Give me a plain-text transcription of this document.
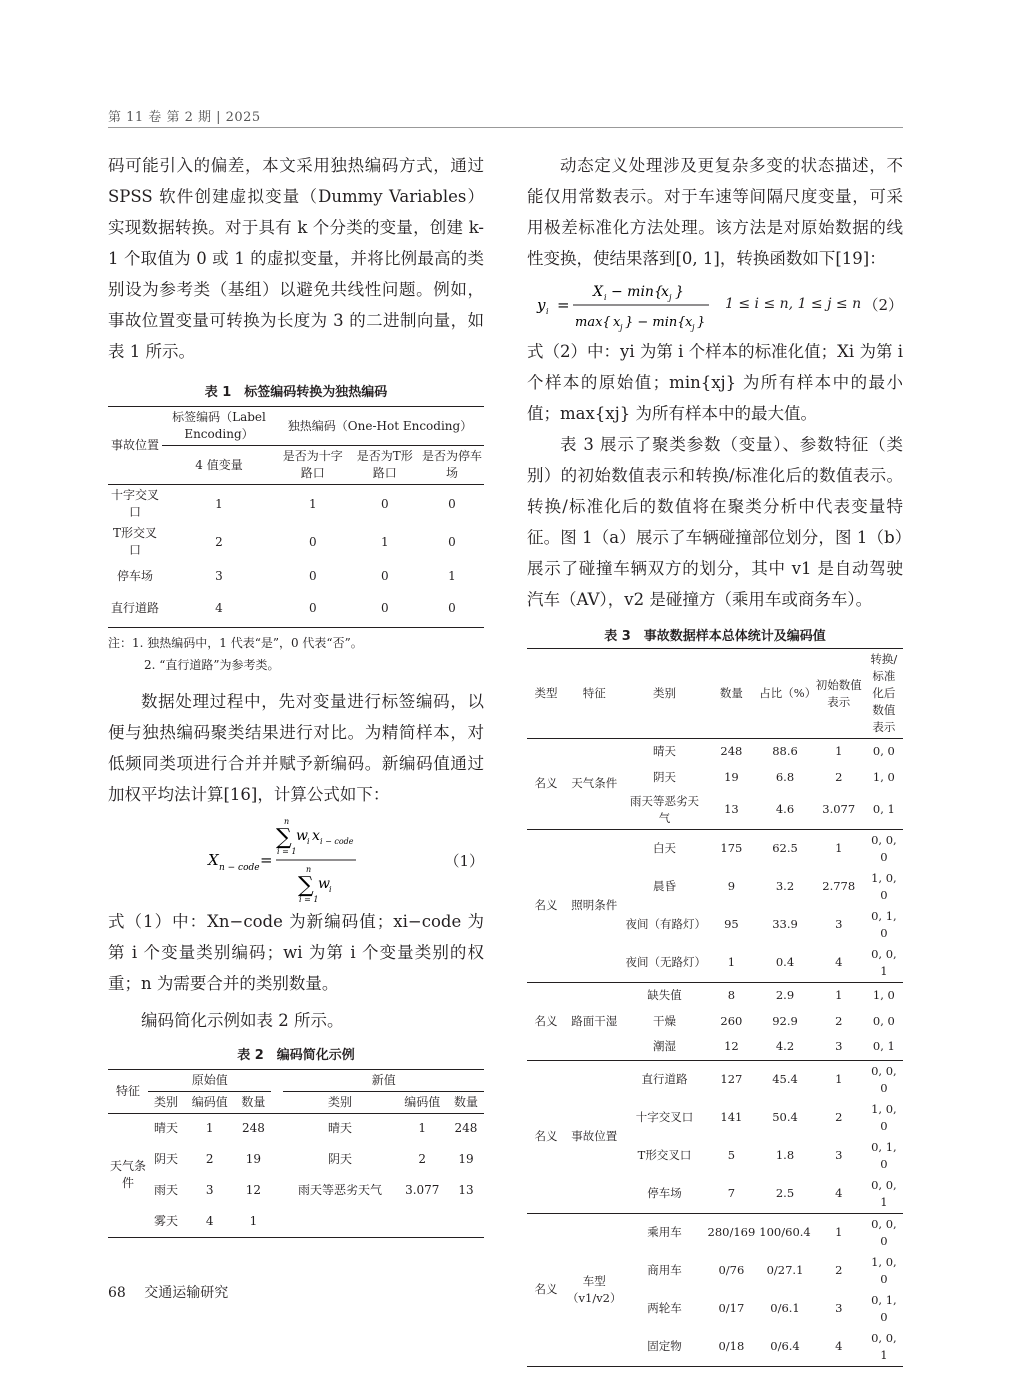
第 11 卷 第 2 期 | 2025

码可能引入的偏差，本文采用独热编码方式，通过 SPSS 软件创建虚拟变量（Dummy Variables）实现数据转换。对于具有 k 个分类的变量，创建 k-1 个取值为 0 或 1 的虚拟变量，并将比例最高的类别设为参考类（基组）以避免共线性问题。例如，事故位置变量可转换为长度为 3 的二进制向量，如表 1 所示。

表 1　标签编码转换为独热编码

事故位置	标签编码（Label Encoding）	独热编码（One-Hot Encoding）		
	4 值变量	是否为十字路口	是否为T形路口	是否为停车场
十字交叉口	1	1	0	0
T形交叉口	2	0	1	0
停车场	3	0	0	1
直行道路	4	0	0	0

注：1. 独热编码中，1 代表“是”，0 代表“否”。

2. “直行道路”为参考类。

数据处理过程中，先对变量进行标签编码，以便与独热编码聚类结果进行对比。为精简样本，对低频同类项进行合并并赋予新编码。新编码值通过加权平均法计算[16]，计算公式如下：

X n − code =
∑
n
i = 1
w i x i − code
∑
n
i = 1
w i
（1）

式（1）中：Xn−code 为新编码值；xi−code 为第 i 个变量类别编码；wi 为第 i 个变量类别的权重；n 为需要合并的类别数量。

编码简化示例如表 2 所示。

表 2　编码简化示例

特征	原始值				新值		
	类别	编码值	数量		类别	编码值	数量
天气条件	晴天	1	248		晴天	1	248
	阴天	2	19		阴天	2	19
	雨天	3	12		雨天等恶劣天气	3.077	13
	雾天	4	1				

动态定义处理涉及更复杂多变的状态描述，不能仅用常数表示。对于车速等间隔尺度变量，可采用极差标准化方法处理。该方法是对原始数据的线性变换，使结果落到[0, 1]，转换函数如下[19]：

y i =
X i − min{
x j }
max{ x j } − min{ x j }
1 ≤ i ≤ n, 1 ≤ j ≤ n （2）

式（2）中：yi 为第 i 个样本的标准化值；Xi 为第 i 个样本的原始值；min{xj} 为所有样本中的最小值；max{xj} 为所有样本中的最大值。

表 3 展示了聚类参数（变量）、参数特征（类别）的初始数值表示和转换/标准化后的数值表示。转换/标准化后的数值将在聚类分析中代表变量特征。图 1（a）展示了车辆碰撞部位划分，图 1（b）展示了碰撞车辆双方的划分，其中 v1 是自动驾驶汽车（AV），v2 是碰撞方（乘用车或商务车）。

表 3　事故数据样本总体统计及编码值

类型	特征	类别	数量	占比（%）	初始数值表示	转换/标准化后数值表示
名义	天气条件	晴天	248	88.6	1	0, 0
		阴天	19	6.8	2	1, 0
		雨天等恶劣天气	13	4.6	3.077	0, 1
名义	照明条件	白天	175	62.5	1	0, 0, 0
		晨昏	9	3.2	2.778	1, 0, 0
		夜间（有路灯）	95	33.9	3	0, 1, 0
		夜间（无路灯）	1	0.4	4	0, 0, 1
名义	路面干湿	缺失值	8	2.9	1	1, 0
		干燥	260	92.9	2	0, 0
		潮湿	12	4.2	3	0, 1
名义	事故位置	直行道路	127	45.4	1	0, 0, 0
		十字交叉口	141	50.4	2	1, 0, 0
		T形交叉口	5	1.8	3	0, 1, 0
		停车场	7	2.5	4	0, 0, 1
名义	车型（v1/v2）	乘用车	280/169	100/60.4	1	0, 0, 0
		商用车	0/76	0/27.1	2	1, 0, 0
		两轮车	0/17	0/6.1	3	0, 1, 0
		固定物	0/18	0/6.4	4	0, 0, 1
68 交通运输研究
